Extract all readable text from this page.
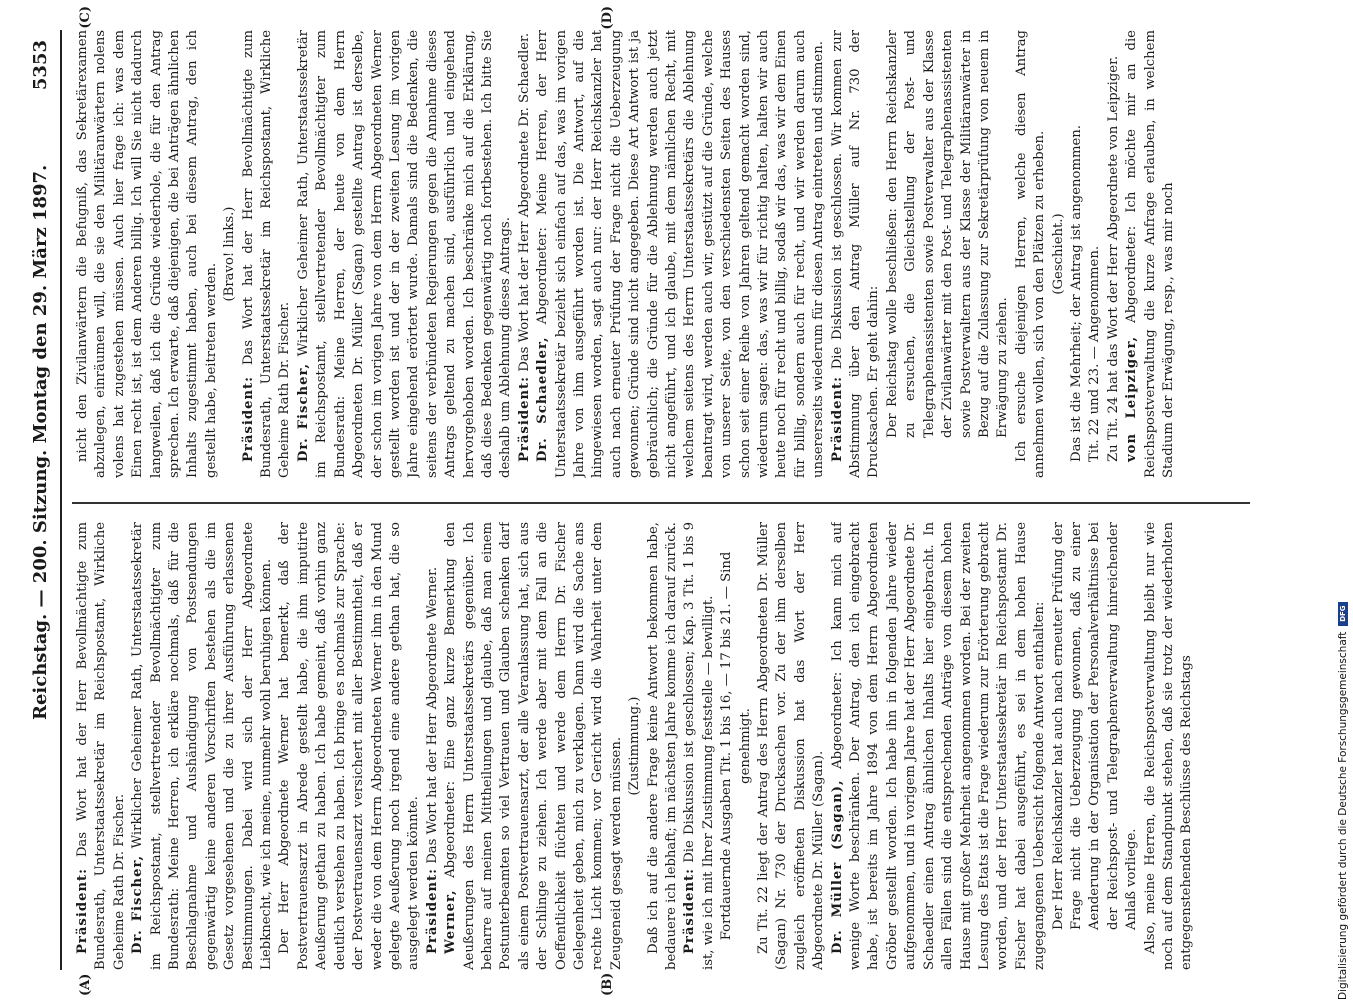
Reichstag. — 200. Sitzung. Montag den 29. März 1897.
5353
(A)	(B)
(C)	(D)

Präsident: Das Wort hat der Herr Bevollmächtigte zum Bundesrath, Unterstaatssekretär im Reichspostamt, Wirkliche Geheime Rath Dr. Fischer. Dr. Fischer, Wirklicher Geheimer Rath, Unterstaatssekretär im Reichspostamt, stellvertretender Bevollmächtigter zum Bundesrath: Meine Herren, ich erkläre nochmals, daß für die Beschlagnahme und Aushändigung von Postsendungen gegenwärtig keine anderen Vorschriften bestehen als die im Gesetz vorgesehenen und die zu ihrer Ausführung erlassenen Bestimmungen. Dabei wird sich der Herr Abgeordnete Liebknecht, wie ich meine, nunmehr wohl beruhigen können. Der Herr Abgeordnete Werner hat bemerkt, daß der Postvertrauensarzt in Abrede gestellt habe, die ihm imputirte Aeußerung gethan zu haben. Ich habe gemeint, daß vorhin ganz deutlich verstehen zu haben. Ich bringe es nochmals zur Sprache: der Postvertrauensarzt versichert mit aller Bestimmtheit, daß er weder die von dem Herrn Abgeordneten Werner ihm in den Mund gelegte Aeußerung noch irgend eine andere gethan hat, die so ausgelegt werden könnte. Präsident: Das Wort hat der Herr Abgeordnete Werner.

Werner, Abgeordneter: Eine ganz kurze Bemerkung den Aeußerungen des Herrn Unterstaatssekretärs gegenüber. Ich beharre auf meinen Mittheilungen und glaube, daß man einem Postunterbeamten so viel Vertrauen und Glauben schenken darf als einem Postvertrauensarzt, der alle Veranlassung hat, sich aus der Schlinge zu ziehen. Ich werde aber mit dem Fall an die Oeffentlichkeit flüchten und werde dem Herrn Dr. Fischer Gelegenheit geben, mich zu verklagen. Dann wird die Sache ans rechte Licht kommen; vor Gericht wird die Wahrheit unter dem Zeugeneid gesagt werden müssen. (Zustimmung.) Daß ich auf die andere Frage keine Antwort bekommen habe, bedauere ich lebhaft; im nächsten Jahre komme ich darauf zurück. Präsident: Die Diskussion ist geschlossen; Kap. 3 Tit. 1 bis 9 ist, wie ich mit Ihrer Zustimmung feststelle — bewilligt. Fortdauernde Ausgaben Tit. 1 bis 16, — 17 bis 21. — Sind genehmigt. Zu Tit. 22 liegt der Antrag des Herrn Abgeordneten Dr. Müller (Sagan) Nr. 730 der Drucksachen vor. Zu der ihm derselben zugleich eröffneten Diskussion hat das Wort der Herr Abgeordnete Dr. Müller (Sagan). Dr. Müller (Sagan), Abgeordneter: Ich kann mich auf wenige Worte beschränken. Der Antrag, den ich eingebracht habe, ist bereits im Jahre 1894 von dem Herrn Abgeordneten Gröber gestellt worden. Ich habe ihn in folgenden Jahre wieder aufgenommen, und in vorigem Jahre hat der Herr Abgeordnete Dr. Schaedler einen Antrag ähnlichen Inhalts hier eingebracht. In allen Fällen sind die entsprechenden Anträge von diesem hohen Hause mit großer Mehrheit angenommen worden. Bei der zweiten Lesung des Etats ist die Frage wiederum zur Erörterung gebracht worden, und der Herr Unterstaatssekretär im Reichspostamt Dr. Fischer hat dabei ausgeführt, es sei in dem hohen Hause zugegangenen Uebersicht folgende Antwort enthalten: Der Herr Reichskanzler hat auch nach erneuter Prüfung der Frage nicht die Ueberzeugung gewonnen, daß zu einer Aenderung in der Organisation der Personalverhältnisse bei der Reichspost- und Telegraphenverwaltung hinreichender Anlaß vorliege. Also, meine Herren, die Reichspostverwaltung bleibt nur wie noch auf dem Standpunkt stehen, daß sie trotz der wiederholten entgegenstehenden Beschlüsse des Reichstags

nicht den Zivilanwärtern die Befugniß, das Sekretärexamen abzulegen, einräumen will, die sie den Militäranwärtern nolens volens hat zugestehen müssen. Auch hier frage ich: was dem Einen recht ist, ist dem Anderen billig. Ich will Sie nicht dadurch langweilen, daß ich die Gründe wiederhole, die für den Antrag sprechen. Ich erwarte, daß diejenigen, die bei Anträgen ähnlichen Inhalts zugestimmt haben, auch bei diesem Antrag, den ich gestellt habe, beitreten werden.

(Bravo! links.)

Präsident: Das Wort hat der Herr Bevollmächtigte zum Bundesrath, Unterstaatssekretär im Reichspostamt, Wirkliche Geheime Rath Dr. Fischer. Dr. Fischer, Wirklicher Geheimer Rath, Unterstaatssekretär im Reichspostamt, stellvertretender Bevollmächtigter zum Bundesrath: Meine Herren, der heute von dem Herrn Abgeordneten Dr. Müller (Sagan) gestellte Antrag ist derselbe, der schon im vorigen Jahre von dem Herrn Abgeordneten Werner gestellt worden ist und der in der zweiten Lesung im vorigen Jahre eingehend erörtert wurde. Damals sind die Bedenken, die seitens der verbündeten Regierungen gegen die Annahme dieses Antrags geltend zu machen sind, ausführlich und eingehend hervorgehoben worden. Ich beschränke mich auf die Erklärung, daß diese Bedenken gegenwärtig noch fortbestehen. Ich bitte Sie deshalb um Ablehnung dieses Antrags. Präsident: Das Wort hat der Herr Abgeordnete Dr. Schaedler.

Dr. Schaedler, Abgeordneter: Meine Herren, der Herr Unterstaatssekretär bezieht sich einfach auf das, was im vorigen Jahre von ihm ausgeführt worden ist. Die Antwort, auf die hingewiesen worden, sagt auch nur: der Herr Reichskanzler hat auch nach erneuter Prüfung der Frage nicht die Ueberzeugung gewonnen; Gründe sind nicht angegeben. Diese Art Antwort ist ja gebräuchlich; die Gründe für die Ablehnung werden auch jetzt nicht angeführt, und ich glaube, mit dem nämlichen Recht, mit welchem seitens des Herrn Unterstaatssekretärs die Ablehnung beantragt wird, werden auch wir, gestützt auf die Gründe, welche von unserer Seite, von den verschiedensten Seiten des Hauses schon seit einer Reihe von Jahren geltend gemacht worden sind, wiederum sagen: das, was wir für richtig halten, halten wir auch heute noch für recht und billig, sodaß wir das, was wir dem Einen für billig, sondern auch für recht, und wir werden darum auch unsererseits wiederum für diesen Antrag eintreten und stimmen. Präsident: Die Diskussion ist geschlossen. Wir kommen zur Abstimmung über den Antrag Müller auf Nr. 730 der Drucksachen. Er geht dahin: Der Reichstag wolle beschließen: den Herrn Reichskanzler zu ersuchen, die Gleichstellung der Post- und Telegraphenassistenten sowie Postverwalter aus der Klasse der Zivilanwärter mit den Post- und Telegraphenassistenten sowie Postverwaltern aus der Klasse der Militäranwärter in Bezug auf die Zulassung zur Sekretärprüfung von neuem in Erwägung zu ziehen. Ich ersuche diejenigen Herren, welche diesen Antrag annehmen wollen, sich von den Plätzen zu erheben. (Geschieht.) Das ist die Mehrheit; der Antrag ist angenommen. Tit. 22 und 23. — Angenommen. Zu Tit. 24 hat das Wort der Herr Abgeordnete von Leipziger. von Leipziger, Abgeordneter: Ich möchte mir an die Reichspostverwaltung die kurze Anfrage erlauben, in welchem Stadium der Erwägung, resp., was mir noch

Digitalisierung gefördert durch die Deutsche Forschungsgemeinschaft
DFG
